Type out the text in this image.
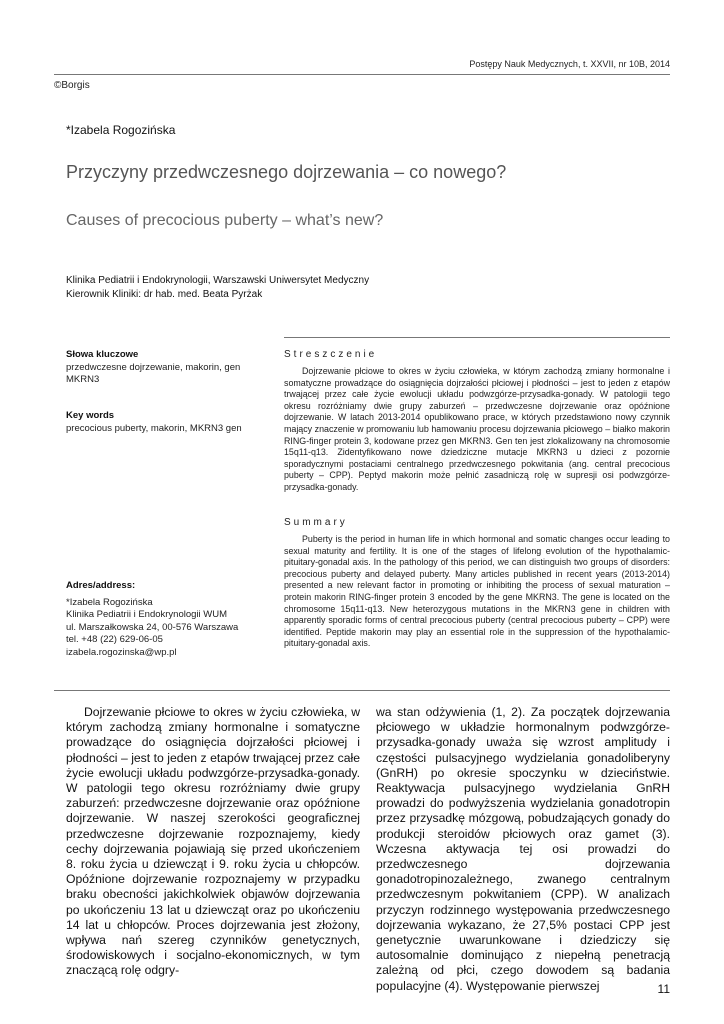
Postępy Nauk Medycznych, t. XXVII, nr 10B, 2014
©Borgis
*Izabela Rogozińska
Przyczyny przedwczesnego dojrzewania – co nowego?
Causes of precocious puberty – what’s new?
Klinika Pediatrii i Endokrynologii, Warszawski Uniwersytet Medyczny
Kierownik Kliniki: dr hab. med. Beata Pyrżak
Słowa kluczowe
przedwczesne dojrzewanie, makorin, gen MKRN3
Key words
precocious puberty, makorin, MKRN3 gen
Adres/address:
*Izabela Rogozińska
Klinika Pediatrii i Endokrynologii WUM
ul. Marszałkowska 24, 00-576 Warszawa
tel. +48 (22) 629-06-05
izabela.rogozinska@wp.pl
Streszczenie

Dojrzewanie płciowe to okres w życiu człowieka, w którym zachodzą zmiany hormonalne i somatyczne prowadzące do osiągnięcia dojrzałości płciowej i płodności – jest to jeden z etapów trwającej przez całe życie ewolucji układu podwzgórze-przysadka-gonady. W patologii tego okresu rozróżniamy dwie grupy zaburzeń – przedwczesne dojrzewanie oraz opóźnione dojrzewanie. W latach 2013-2014 opublikowano prace, w których przedstawiono nowy czynnik mający znaczenie w promowaniu lub hamowaniu procesu dojrzewania płciowego – białko makorin RING-finger protein 3, kodowane przez gen MKRN3. Gen ten jest zlokalizowany na chromosomie 15q11-q13. Zidentyfikowano nowe dziedziczne mutacje MKRN3 u dzieci z pozornie sporadycznymi postaciami centralnego przedwczesnego pokwitania (ang. central precocious puberty – CPP). Peptyd makorin może pełnić zasadniczą rolę w supresji osi podwzgórze-przysadka-gonady.

Summary

Puberty is the period in human life in which hormonal and somatic changes occur leading to sexual maturity and fertility. It is one of the stages of lifelong evolution of the hypothalamic-pituitary-gonadal axis. In the pathology of this period, we can distinguish two groups of disorders: precocious puberty and delayed puberty. Many articles published in recent years (2013-2014) presented a new relevant factor in promoting or inhibiting the process of sexual maturation – protein makorin RING-finger protein 3 encoded by the gene MKRN3. The gene is located on the chromosome 15q11-q13. New heterozygous mutations in the MKRN3 gene in children with apparently sporadic forms of central precocious puberty (central precocious puberty – CPP) were identified. Peptide makorin may play an essential role in the suppression of the hypothalamic-pituitary-gonadal axis.

Dojrzewanie płciowe to okres w życiu człowieka, w którym zachodzą zmiany hormonalne i somatyczne prowadzące do osiągnięcia dojrzałości płciowej i płodności – jest to jeden z etapów trwającej przez całe życie ewolucji układu podwzgórze-przysadka-gonady. W patologii tego okresu rozróżniamy dwie grupy zaburzeń: przedwczesne dojrzewanie oraz opóźnione dojrzewanie. W naszej szerokości geograficznej przedwczesne dojrzewanie rozpoznajemy, kiedy cechy dojrzewania pojawiają się przed ukończeniem 8. roku życia u dziewcząt i 9. roku życia u chłopców. Opóźnione dojrzewanie rozpoznajemy w przypadku braku obecności jakichkolwiek objawów dojrzewania po ukończeniu 13 lat u dziewcząt oraz po ukończeniu 14 lat u chłopców. Proces dojrzewania jest złożony, wpływa nań szereg czynników genetycznych, środowiskowych i socjalno-ekonomicznych, w tym znaczącą rolę odgry-

wa stan odżywienia (1, 2). Za początek dojrzewania płciowego w układzie hormonalnym podwzgórze-przysadka-gonady uważa się wzrost amplitudy i częstości pulsacyjnego wydzielania gonadoliberyny (GnRH) po okresie spoczynku w dzieciństwie. Reaktywacja pulsacyjnego wydzielania GnRH prowadzi do podwyższenia wydzielania gonadotropin przez przysadkę mózgową, pobudzających gonady do produkcji steroidów płciowych oraz gamet (3). Wczesna aktywacja tej osi prowadzi do przedwczesnego dojrzewania gonadotropinozależnego, zwanego centralnym przedwczesnym pokwitaniem (CPP). W analizach przyczyn rodzinnego występowania przedwczesnego dojrzewania wykazano, że 27,5% postaci CPP jest genetycznie uwarunkowane i dziedziczy się autosomalnie dominująco z niepełną penetracją zależną od płci, czego dowodem są badania populacyjne (4). Występowanie pierwszej	11
